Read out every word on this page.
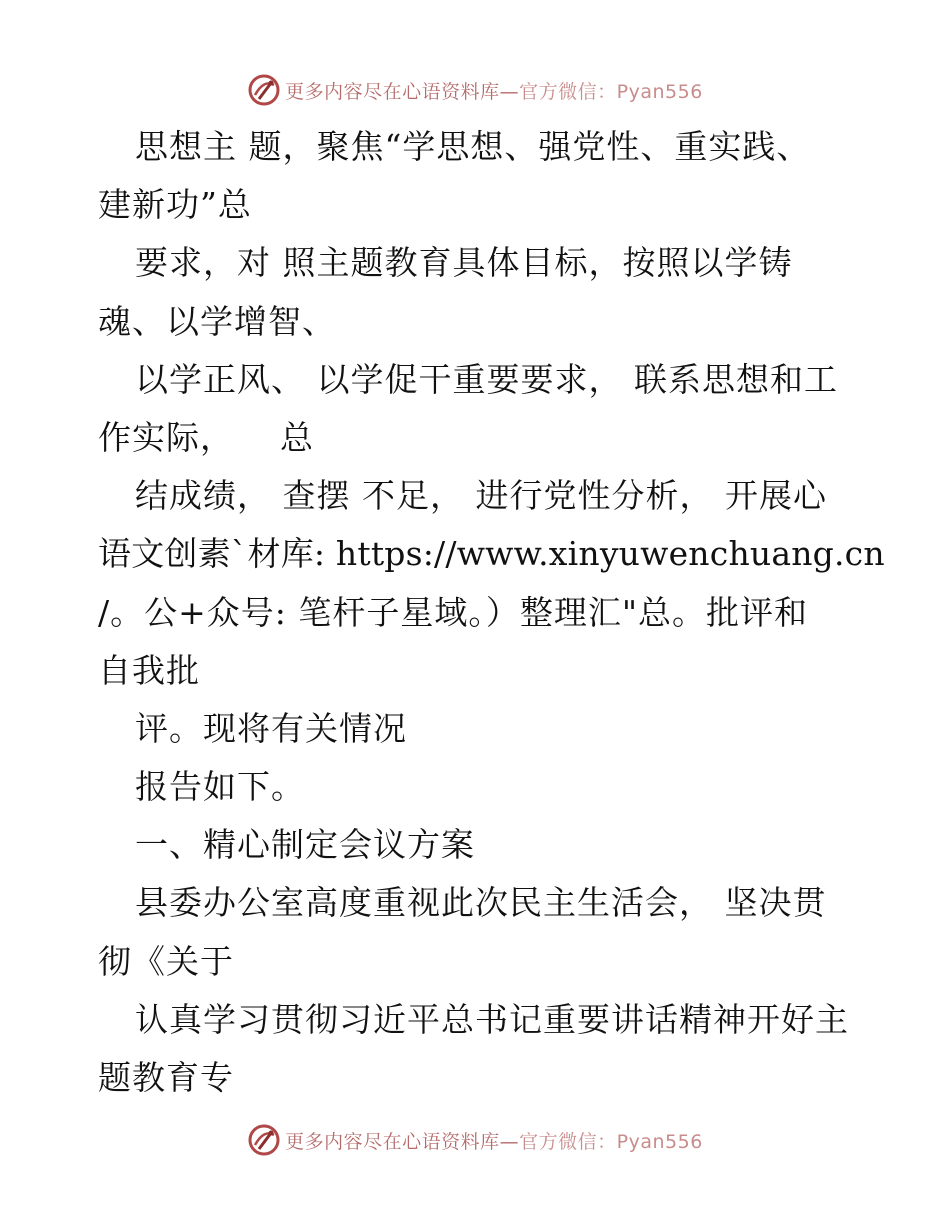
更多内容尽在心语资料库—官方微信：Pyan556
思想主 题，聚焦“学思想、强党性、重实践、
建新功”总
要求，对 照主题教育具体目标，按照以学铸
魂、以学增智、
以学正风、 以学促干重要要求， 联系思想和工
作实际，    总
结成绩， 查摆 不足， 进行党性分析， 开展心
语文创素`材库: https://www.xinyuwenchuang.cn
/。公+众号: 笔杆子星域。）整理汇"总。批评和
自我批
评。现将有关情况
报告如下。
一、精心制定会议方案
县委办公室高度重视此次民主生活会， 坚决贯
彻《关于
认真学习贯彻习近平总书记重要讲话精神开好主
题教育专
更多内容尽在心语资料库—官方微信：Pyan556
